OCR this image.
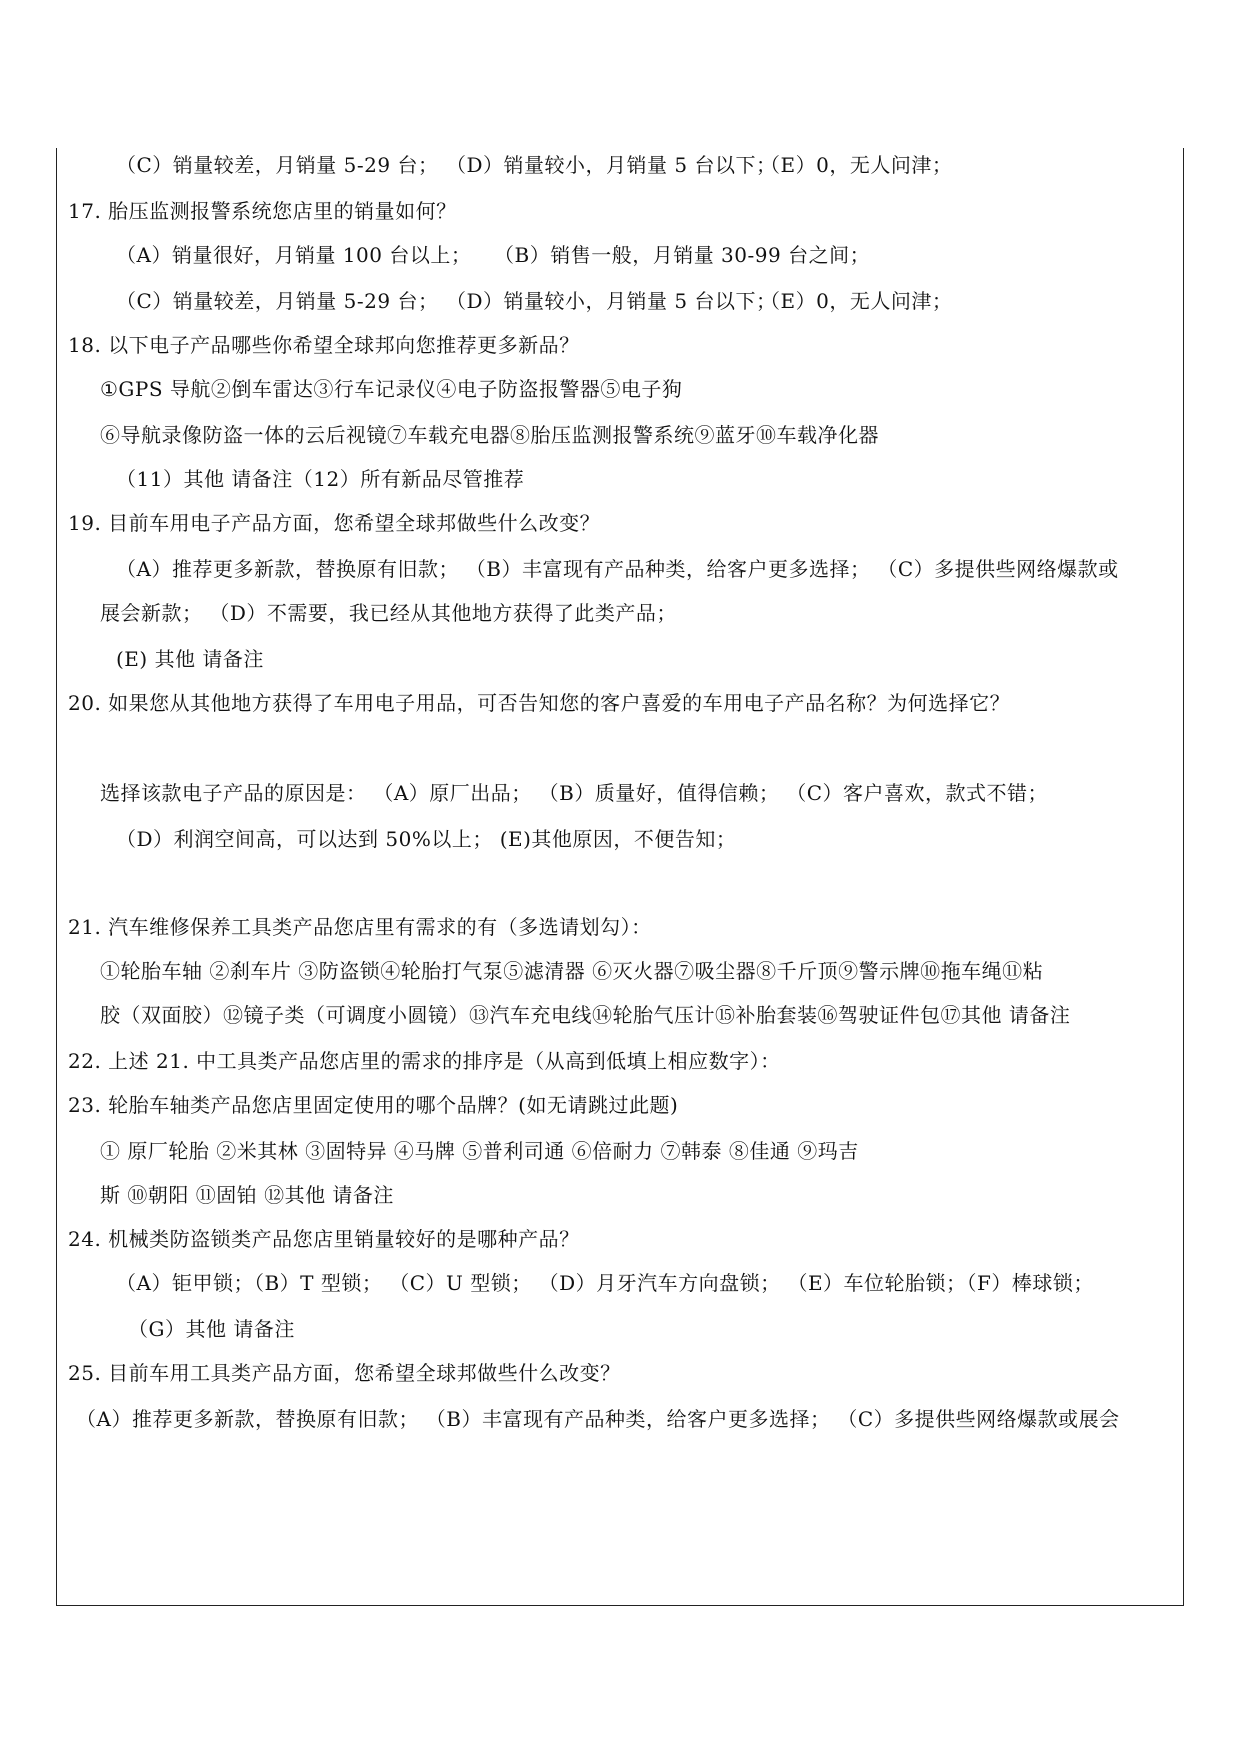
（C）销量较差，月销量 5-29 台； （D）销量较小，月销量 5 台以下；
（E）0，无人问津；
17. 胎压监测报警系统您店里的销量如何？
（A）销量很好，月销量 100 台以上； （B）销售一般，月销量 30-99 台之间；
（C）销量较差，月销量 5-29 台； （D）销量较小，月销量 5 台以下；
（E）0，无人问津；
18. 以下电子产品哪些你希望全球邦向您推荐更多新品？
①GPS 导航②倒车雷达③行车记录仪④电子防盗报警器⑤电子狗
⑥导航录像防盗一体的云后视镜⑦车载充电器⑧胎压监测报警系统⑨蓝牙⑩车载净化器
（11）其他 请备注（12）所有新品尽管推荐
19. 目前车用电子产品方面，您希望全球邦做些什么改变？
（A）推荐更多新款，替换原有旧款； （B）丰富现有产品种类，给客户更多选择； （C）多提供些网络爆款或
展会新款； （D）不需要，我已经从其他地方获得了此类产品；
(E) 其他 请备注
20. 如果您从其他地方获得了车用电子用品，可否告知您的客户喜爱的车用电子产品名称？为何选择它？
选择该款电子产品的原因是： （A）原厂出品； （B）质量好，值得信赖； （C）客户喜欢，款式不错；
（D）利润空间高，可以达到 50%以上； (E)其他原因，不便告知；
21. 汽车维修保养工具类产品您店里有需求的有（多选请划勾）：
①轮胎车轴 ②刹车片 ③防盗锁④轮胎打气泵⑤滤清器 ⑥灭火器⑦吸尘器⑧千斤顶⑨警示牌⑩拖车绳⑪粘
胶（双面胶）⑫镜子类（可调度小圆镜）⑬汽车充电线⑭轮胎气压计⑮补胎套装⑯驾驶证件包⑰其他 请备注
22. 上述 21. 中工具类产品您店里的需求的排序是（从高到低填上相应数字）：
23. 轮胎车轴类产品您店里固定使用的哪个品牌？(如无请跳过此题)
① 原厂轮胎 ②米其林 ③固特异 ④马牌 ⑤普利司通 ⑥倍耐力 ⑦韩泰 ⑧佳通 ⑨玛吉
斯 ⑩朝阳 ⑪固铂 ⑫其他 请备注
24. 机械类防盗锁类产品您店里销量较好的是哪种产品？
（A）钜甲锁；（B）T 型锁； （C）U 型锁； （D）月牙汽车方向盘锁； （E）车位轮胎锁；（F）棒球锁；
（G）其他 请备注
25. 目前车用工具类产品方面，您希望全球邦做些什么改变？
（A）推荐更多新款，替换原有旧款； （B）丰富现有产品种类，给客户更多选择； （C）多提供些网络爆款或展会
